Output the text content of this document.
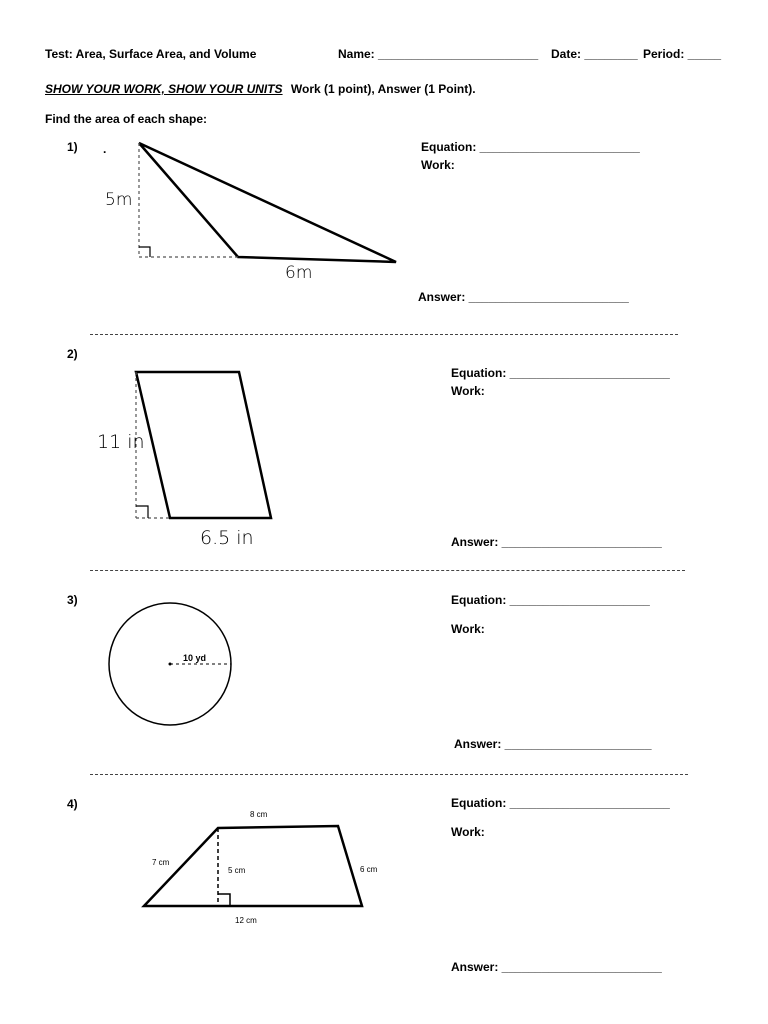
Test: Area, Surface Area, and Volume	Name: ________________________ Date: ________ Period: _____
SHOW YOUR WORK, SHOW YOUR UNITS Work (1 point), Answer (1 Point).
Find the area of each shape:
1) .
5m
6m
Equation: ________________________
Work:
Answer: ________________________
2)
11 in
6.5 in
Equation: ________________________
Work:
Answer: ________________________
3)
10 yd
Equation: _____________________
Work:
Answer: ______________________
4)
8 cm
7 cm
5 cm	6 cm
12 cm
Equation: ________________________
Work:
Answer: ________________________
